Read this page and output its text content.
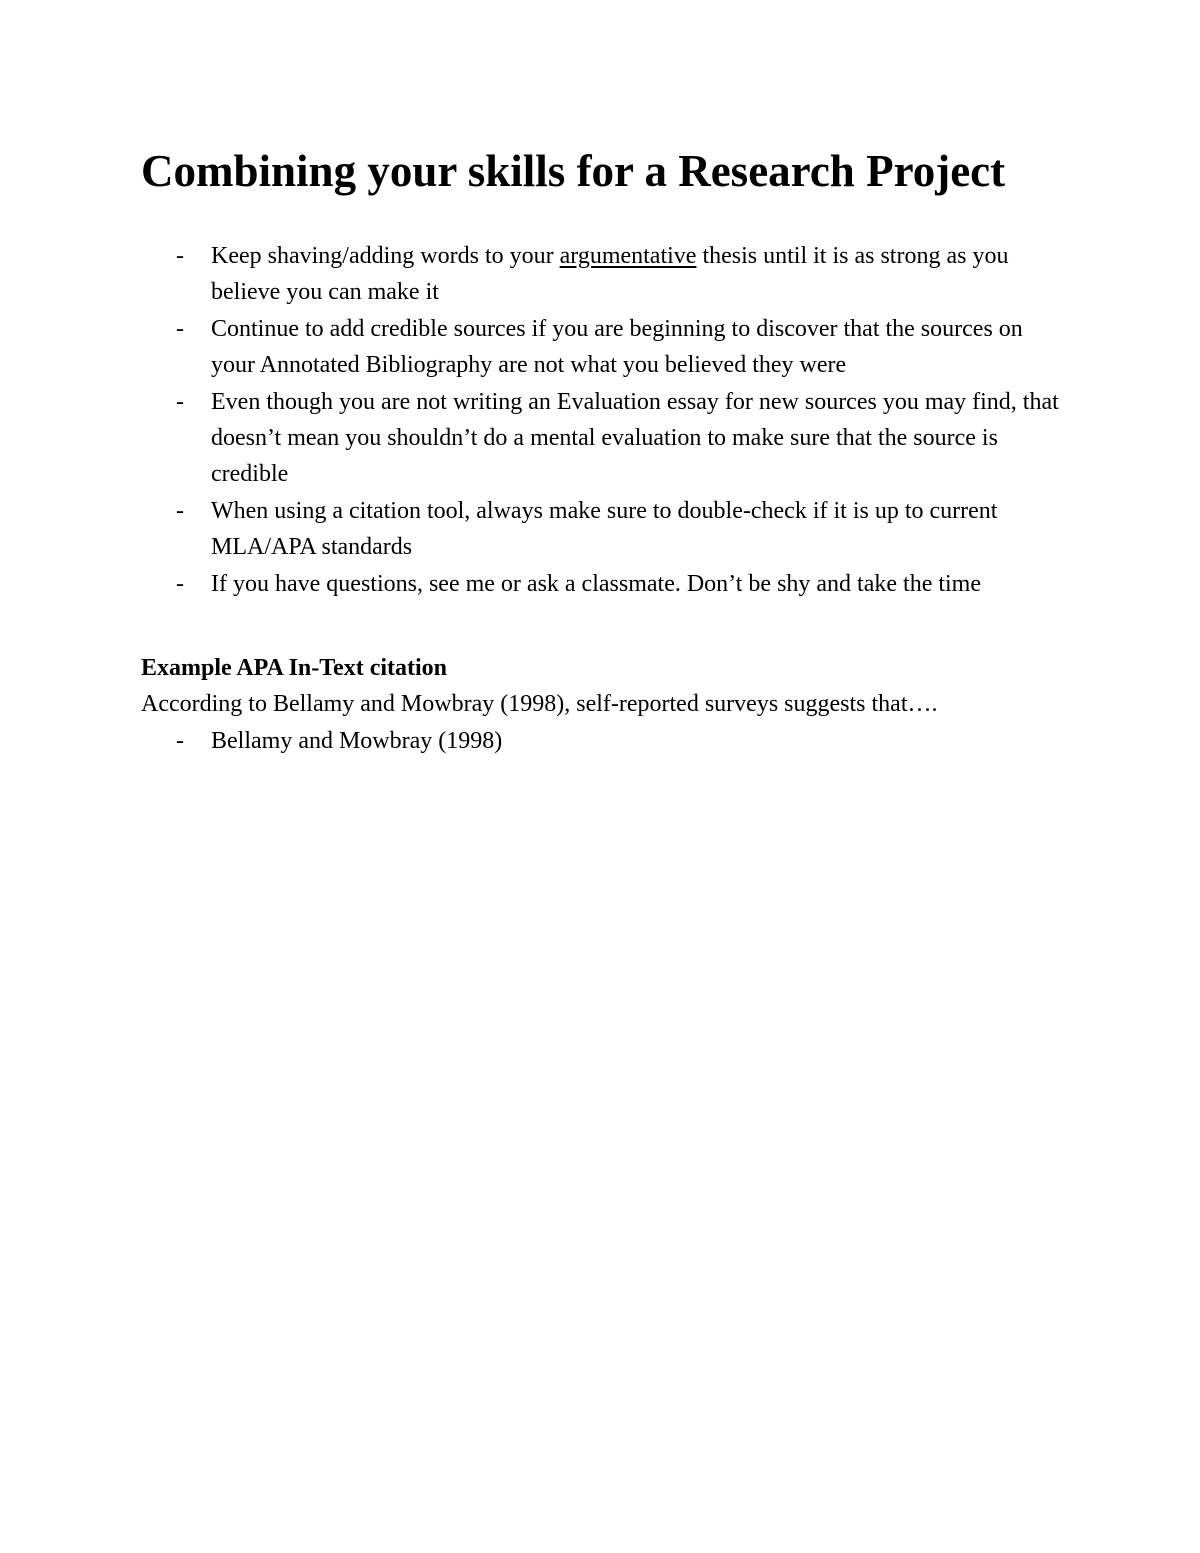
Combining your skills for a Research Project
- Keep shaving/adding words to your argumentative thesis until it is as strong as you believe you can make it
- Continue to add credible sources if you are beginning to discover that the sources on your Annotated Bibliography are not what you believed they were
- Even though you are not writing an Evaluation essay for new sources you may find, that doesn’t mean you shouldn’t do a mental evaluation to make sure that the source is credible
- When using a citation tool, always make sure to double-check if it is up to current MLA/APA standards
- If you have questions, see me or ask a classmate. Don’t be shy and take the time

Example APA In-Text citation

According to Bellamy and Mowbray (1998), self-reported surveys suggests that….

- Bellamy and Mowbray (1998)
